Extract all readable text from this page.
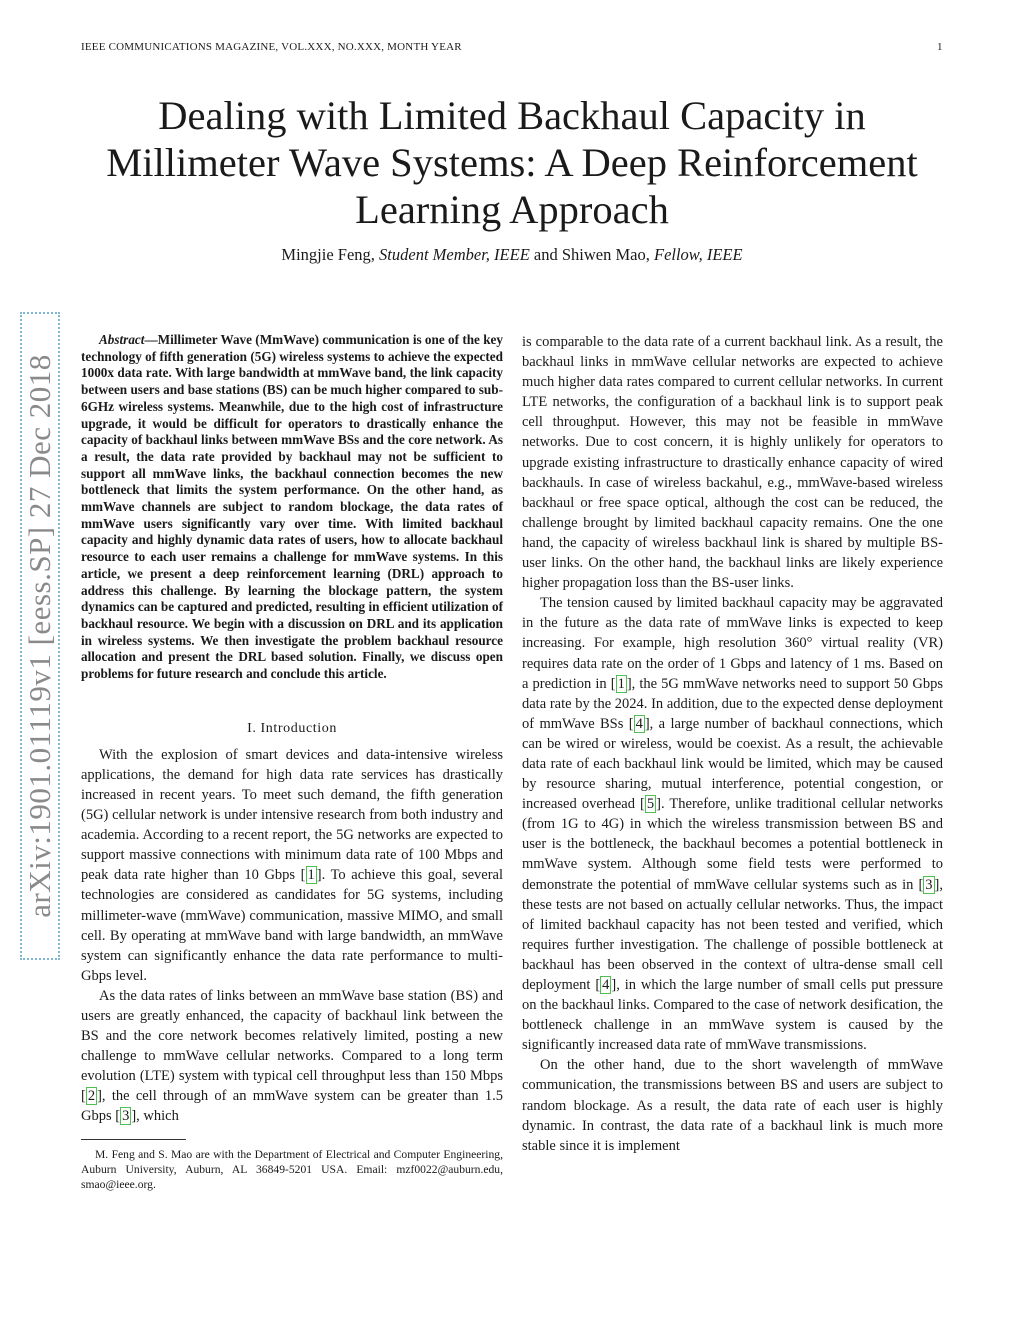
IEEE COMMUNICATIONS MAGAZINE, VOL.XXX, NO.XXX, MONTH YEAR	1
Dealing with Limited Backhaul Capacity in Millimeter Wave Systems: A Deep Reinforcement Learning Approach
Mingjie Feng, Student Member, IEEE and Shiwen Mao, Fellow, IEEE
arXiv:1901.01119v1 [eess.SP] 27 Dec 2018

Abstract—Millimeter Wave (MmWave) communication is one of the key technology of fifth generation (5G) wireless systems to achieve the expected 1000x data rate. With large bandwidth at mmWave band, the link capacity between users and base stations (BS) can be much higher compared to sub-6GHz wireless systems. Meanwhile, due to the high cost of infrastructure upgrade, it would be difficult for operators to drastically enhance the capacity of backhaul links between mmWave BSs and the core network. As a result, the data rate provided by backhaul may not be sufficient to support all mmWave links, the backhaul connection becomes the new bottleneck that limits the system performance. On the other hand, as mmWave channels are subject to random blockage, the data rates of mmWave users significantly vary over time. With limited backhaul capacity and highly dynamic data rates of users, how to allocate backhaul resource to each user remains a challenge for mmWave systems. In this article, we present a deep reinforcement learning (DRL) approach to address this challenge. By learning the blockage pattern, the system dynamics can be captured and predicted, resulting in efficient utilization of backhaul resource. We begin with a discussion on DRL and its application in wireless systems. We then investigate the problem backhaul resource allocation and present the DRL based solution. Finally, we discuss open problems for future research and conclude this article.

I. Introduction

With the explosion of smart devices and data-intensive wireless applications, the demand for high data rate services has drastically increased in recent years. To meet such demand, the fifth generation (5G) cellular network is under intensive research from both industry and academia. According to a recent report, the 5G networks are expected to support massive connections with minimum data rate of 100 Mbps and peak data rate higher than 10 Gbps [ 1 ]. To achieve this goal, several technologies are considered as candidates for 5G systems, including millimeter-wave (mmWave) communication, massive MIMO, and small cell. By operating at mmWave band with large bandwidth, an mmWave system can significantly enhance the data rate performance to multi-Gbps level.

As the data rates of links between an mmWave base station (BS) and users are greatly enhanced, the capacity of backhaul link between the BS and the core network becomes relatively limited, posting a new challenge to mmWave cellular networks. Compared to a long term evolution (LTE) system with typical cell throughput less than 150 Mbps [ 2 ], the cell through of an mmWave system can be greater than 1.5 Gbps [ 3 ], which

M. Feng and S. Mao are with the Department of Electrical and Computer Engineering, Auburn University, Auburn, AL 36849-5201 USA. Email: mzf0022@auburn.edu, smao@ieee.org.

is comparable to the data rate of a current backhaul link. As a result, the backhaul links in mmWave cellular networks are expected to achieve much higher data rates compared to current cellular networks. In current LTE networks, the configuration of a backhaul link is to support peak cell throughput. However, this may not be feasible in mmWave networks. Due to cost concern, it is highly unlikely for operators to upgrade existing infrastructure to drastically enhance capacity of wired backhauls. In case of wireless backahul, e.g., mmWave-based wireless backhaul or free space optical, although the cost can be reduced, the challenge brought by limited backhaul capacity remains. One the one hand, the capacity of wireless backhaul link is shared by multiple BS-user links. On the other hand, the backhaul links are likely experience higher propagation loss than the BS-user links.

The tension caused by limited backhaul capacity may be aggravated in the future as the data rate of mmWave links is expected to keep increasing. For example, high resolution 360° virtual reality (VR) requires data rate on the order of 1 Gbps and latency of 1 ms. Based on a prediction in [ 1 ], the 5G mmWave networks need to support 50 Gbps data rate by the 2024. In addition, due to the expected dense deployment of mmWave BSs [ 4 ], a large number of backhaul connections, which can be wired or wireless, would be coexist. As a result, the achievable data rate of each backhaul link would be limited, which may be caused by resource sharing, mutual interference, potential congestion, or increased overhead [ 5 ]. Therefore, unlike traditional cellular networks (from 1G to 4G) in which the wireless transmission between BS and user is the bottleneck, the backhaul becomes a potential bottleneck in mmWave system. Although some field tests were performed to demonstrate the potential of mmWave cellular systems such as in [ 3 ], these tests are not based on actually cellular networks. Thus, the impact of limited backhaul capacity has not been tested and verified, which requires further investigation. The challenge of possible bottleneck at backhaul has been observed in the context of ultra-dense small cell deployment [ 4 ], in which the large number of small cells put pressure on the backhaul links. Compared to the case of network desification, the bottleneck challenge in an mmWave system is caused by the significantly increased data rate of mmWave transmissions.

On the other hand, due to the short wavelength of mmWave communication, the transmissions between BS and users are subject to random blockage. As a result, the data rate of each user is highly dynamic. In contrast, the data rate of a backhaul link is much more stable since it is implement
